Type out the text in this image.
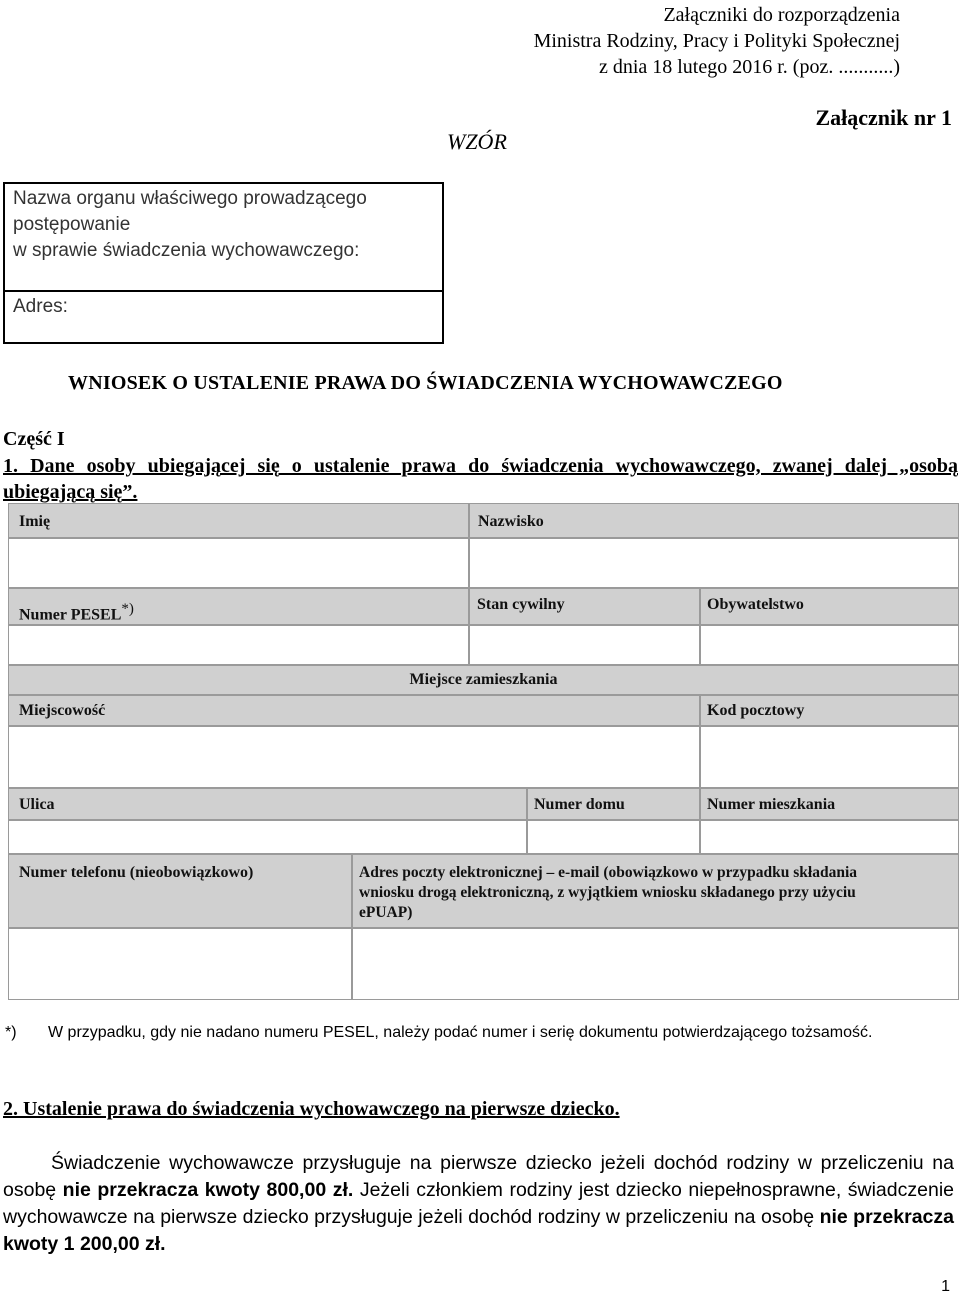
Załączniki do rozporządzenia
Ministra Rodziny, Pracy i Polityki Społecznej
z dnia 18 lutego 2016 r. (poz. ...........)
WZÓR
Załącznik nr 1
Nazwa organu właściwego prowadzącego
postępowanie
w sprawie świadczenia wychowawczego:
Adres:
WNIOSEK O USTALENIE PRAWA DO ŚWIADCZENIA WYCHOWAWCZEGO
Część I
1. Dane osoby ubiegającej się o ustalenie prawa do świadczenia wychowawczego, zwanej dalej „osobą ubiegającą się”.
Imię	Nazwisko
Numer PESEL*)	Stan cywilny	Obywatelstwo
Miejsce zamieszkania
Miejscowość	Kod pocztowy
Ulica	Numer domu	Numer mieszkania
Numer telefonu (nieobowiązkowo)	Adres poczty elektronicznej – e-mail (obowiązkowo w przypadku składania
wniosku drogą elektroniczną, z wyjątkiem wniosku składanego przy użyciu
ePUAP)
*) W przypadku, gdy nie nadano numeru PESEL, należy podać numer i serię dokumentu potwierdzającego tożsamość.
2. Ustalenie prawa do świadczenia wychowawczego na pierwsze dziecko.
Świadczenie wychowawcze przysługuje na pierwsze dziecko jeżeli dochód rodziny w przeliczeniu na osobę nie przekracza kwoty 800,00 zł. Jeżeli członkiem rodziny jest dziecko niepełnosprawne, świadczenie wychowawcze na pierwsze dziecko przysługuje jeżeli dochód rodziny w przeliczeniu na osobę nie przekracza kwoty 1 200,00 zł.
1
